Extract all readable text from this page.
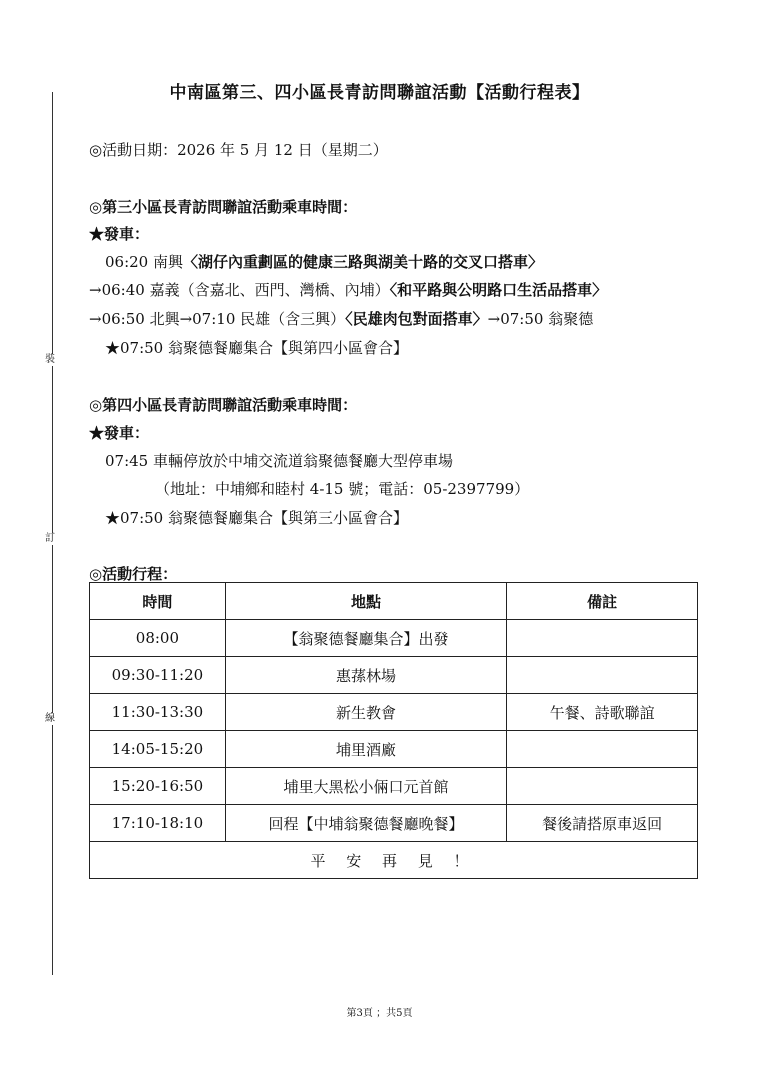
裝
訂
線
中南區第三、四小區長青訪問聯誼活動【活動行程表】
◎活動日期：2026 年 5 月 12 日（星期二）
◎第三小區長青訪問聯誼活動乘車時間：
★發車：
06:20 南興〈湖仔內重劃區的健康三路與湖美十路的交叉口搭車〉
→06:40 嘉義（含嘉北、西門、灣橋、內埔）〈和平路與公明路口生活品搭車〉
→06:50 北興→07:10 民雄（含三興）〈民雄肉包對面搭車〉→07:50 翁聚德
★07:50 翁聚德餐廳集合【與第四小區會合】
◎第四小區長青訪問聯誼活動乘車時間：
★發車：
07:45 車輛停放於中埔交流道翁聚德餐廳大型停車場
（地址：中埔鄉和睦村 4-15 號；電話：05-2397799）
★07:50 翁聚德餐廳集合【與第三小區會合】
◎活動行程：
時間	地點	備註
08:00	【翁聚德餐廳集合】出發	
09:30-11:20	惠蓀林場	
11:30-13:30	新生教會	午餐、詩歌聯誼
14:05-15:20	埔里酒廠	
15:20-16:50	埔里大黑松小倆口元首館	
17:10-18:10	回程【中埔翁聚德餐廳晚餐】	餐後請搭原車返回
平 安 再 見 ！		
第3頁 ；共5頁
